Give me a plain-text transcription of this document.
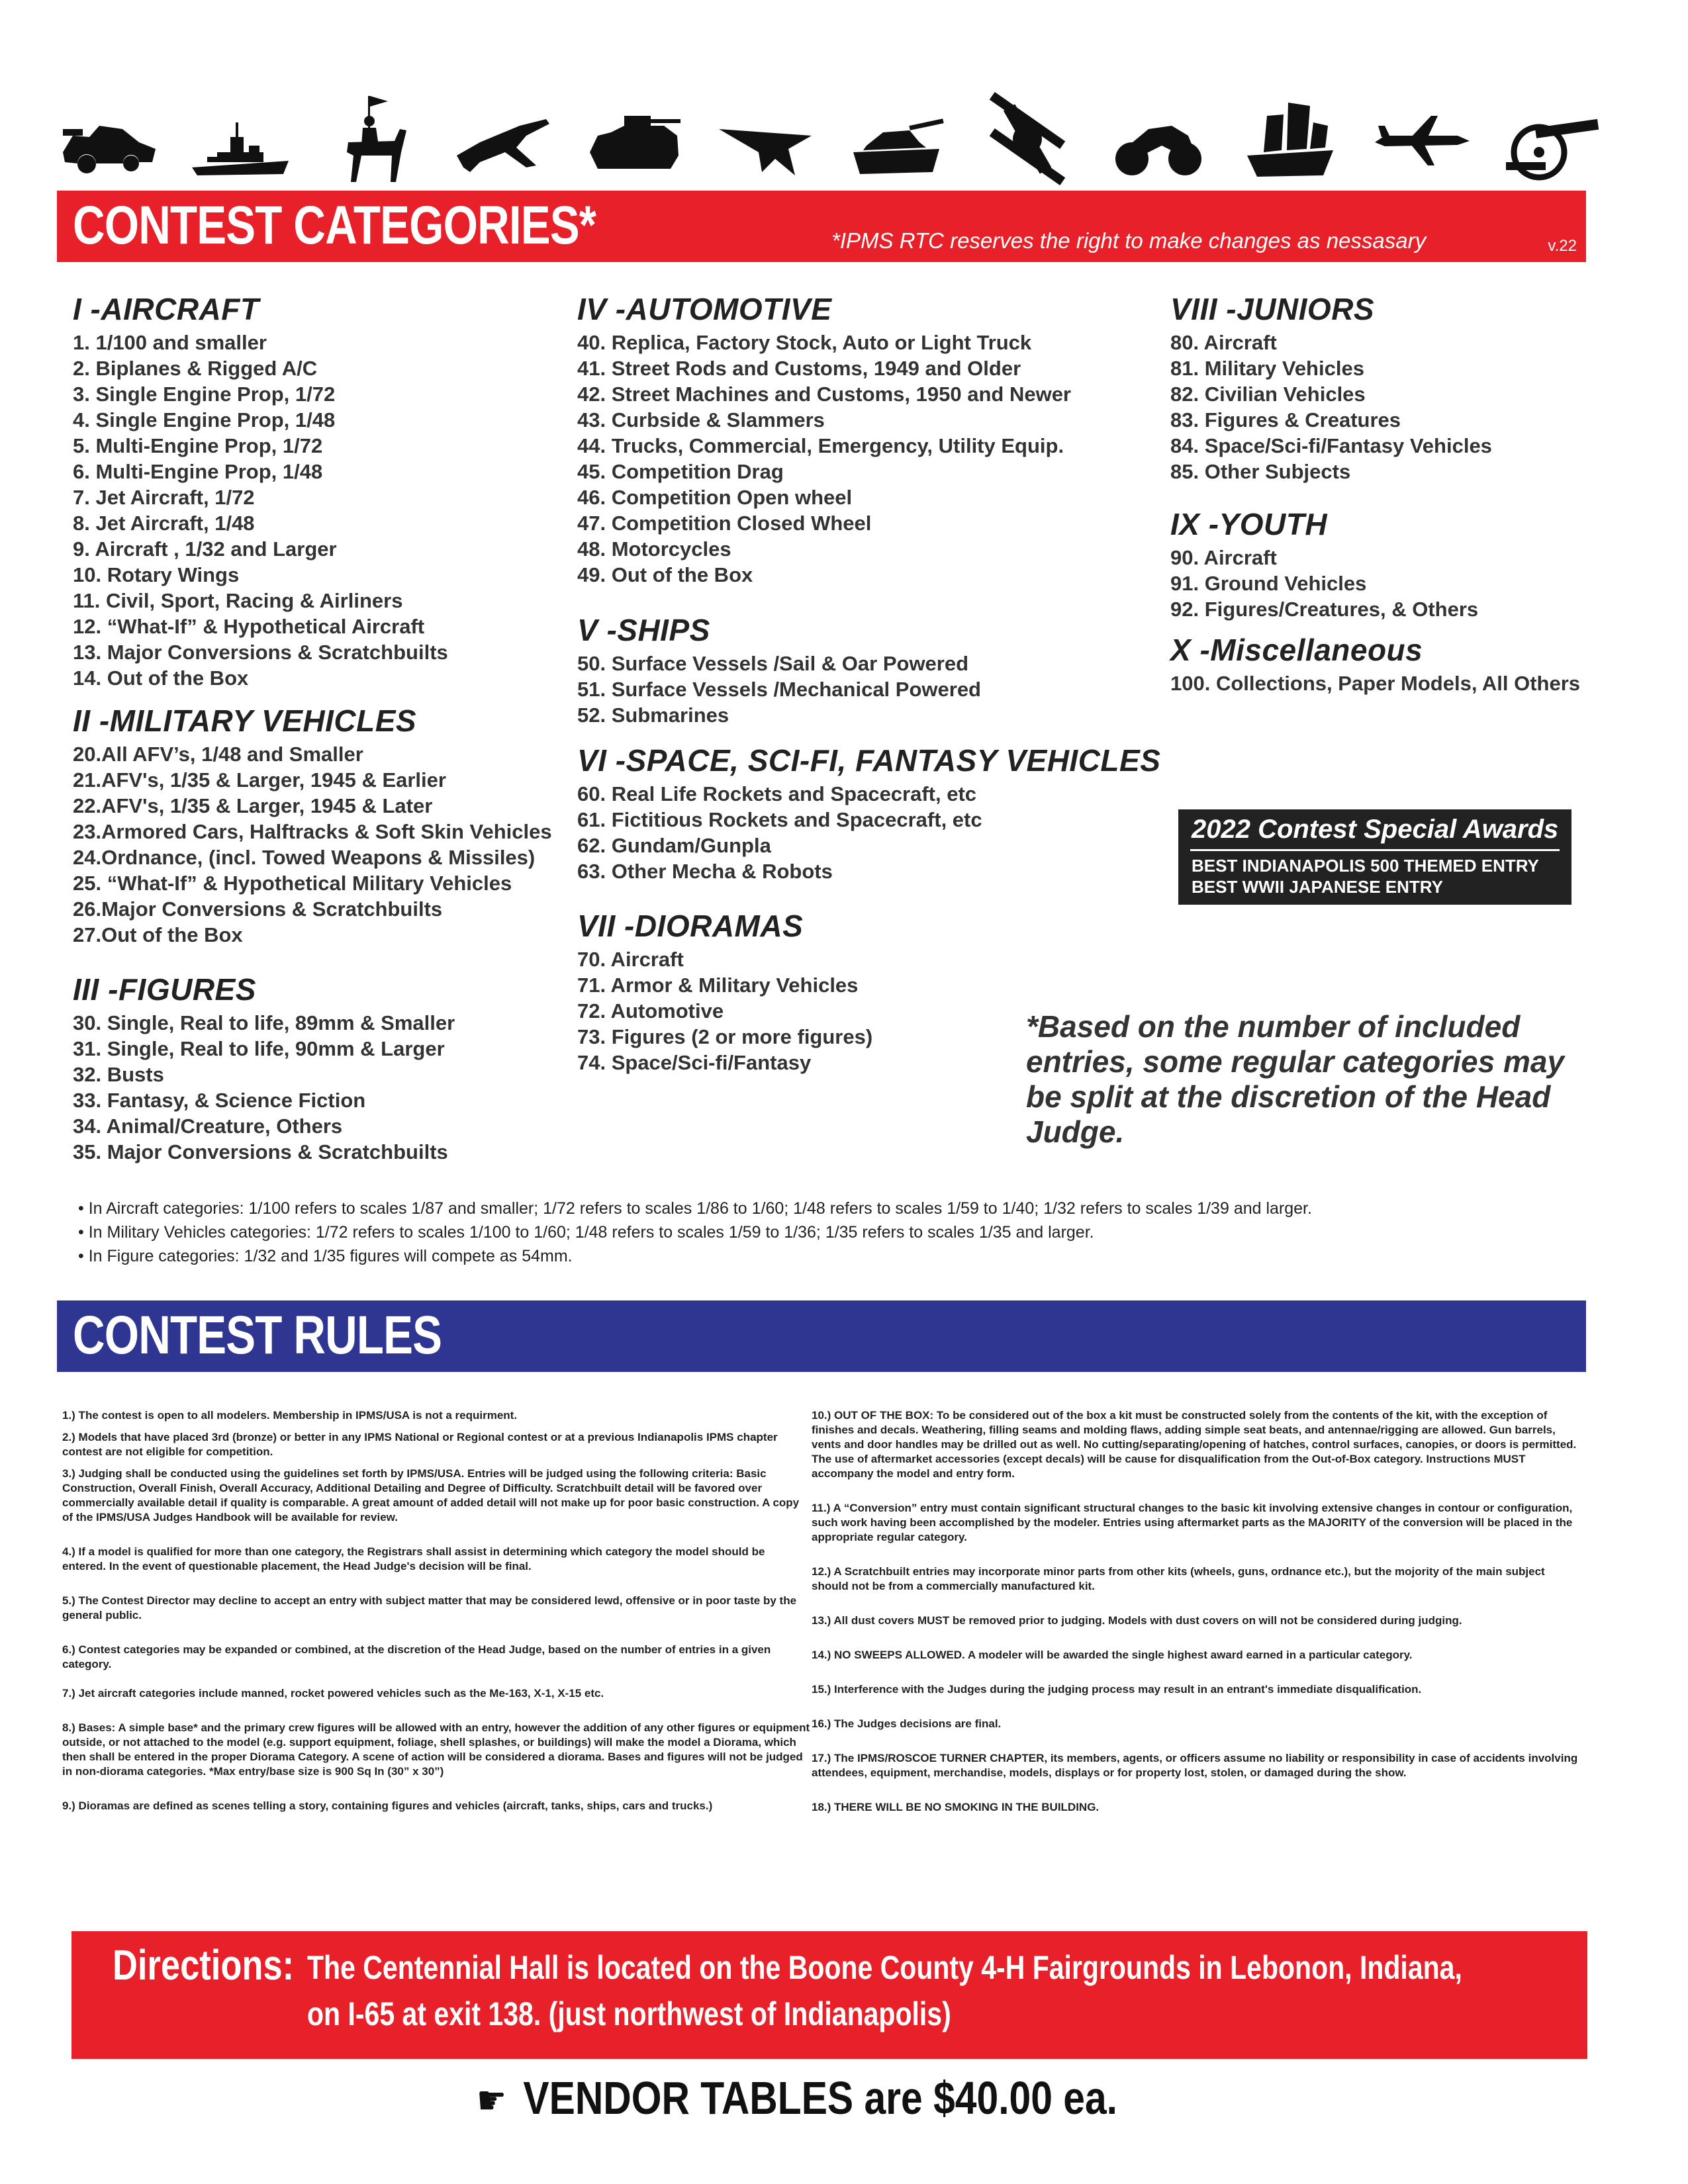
CONTEST CATEGORIES*	*IPMS RTC reserves the right to make changes as nessasary	v.22
I -AIRCRAFT
1. 1/100 and smaller
2. Biplanes & Rigged A/C
3. Single Engine Prop, 1/72
4. Single Engine Prop, 1/48
5. Multi-Engine Prop, 1/72
6. Multi-Engine Prop, 1/48
7. Jet Aircraft, 1/72
8. Jet Aircraft, 1/48
9. Aircraft , 1/32 and Larger
10. Rotary Wings
11. Civil, Sport, Racing & Airliners
12. “What-If” & Hypothetical Aircraft
13. Major Conversions & Scratchbuilts
14. Out of the Box
II -MILITARY VEHICLES
20.All AFV’s, 1/48 and Smaller
21.AFV's, 1/35 & Larger, 1945 & Earlier
22.AFV's, 1/35 & Larger, 1945 & Later
23.Armored Cars, Halftracks & Soft Skin Vehicles
24.Ordnance, (incl. Towed Weapons & Missiles)
25. “What-If” & Hypothetical Military Vehicles
26.Major Conversions & Scratchbuilts
27.Out of the Box
III -FIGURES
30. Single, Real to life, 89mm & Smaller
31. Single, Real to life, 90mm & Larger
32. Busts
33. Fantasy, & Science Fiction
34. Animal/Creature, Others
35. Major Conversions & Scratchbuilts
IV -AUTOMOTIVE
40. Replica, Factory Stock, Auto or Light Truck
41. Street Rods and Customs, 1949 and Older
42. Street Machines and Customs, 1950 and Newer
43. Curbside & Slammers
44. Trucks, Commercial, Emergency, Utility Equip.
45. Competition Drag
46. Competition Open wheel
47. Competition Closed Wheel
48. Motorcycles
49. Out of the Box
V -SHIPS
50. Surface Vessels /Sail & Oar Powered
51. Surface Vessels /Mechanical Powered
52. Submarines
VI -SPACE, SCI-FI, FANTASY VEHICLES
60. Real Life Rockets and Spacecraft, etc
61. Fictitious Rockets and Spacecraft, etc
62. Gundam/Gunpla
63. Other Mecha & Robots
VII -DIORAMAS
70. Aircraft
71. Armor & Military Vehicles
72. Automotive
73. Figures (2 or more figures)
74. Space/Sci-fi/Fantasy
VIII -JUNIORS
80. Aircraft
81. Military Vehicles
82. Civilian Vehicles
83. Figures & Creatures
84. Space/Sci-fi/Fantasy Vehicles
85. Other Subjects
IX -YOUTH
90. Aircraft
91. Ground Vehicles
92. Figures/Creatures, & Others
X -Miscellaneous
100. Collections, Paper Models, All Others
2022 Contest Special Awards
BEST INDIANAPOLIS 500 THEMED ENTRY
BEST WWII JAPANESE ENTRY
*Based on the number of included entries, some regular categories may be split at the discretion of the Head Judge.
• In Aircraft categories: 1/100 refers to scales 1/87 and smaller; 1/72 refers to scales 1/86 to 1/60; 1/48 refers to scales 1/59 to 1/40; 1/32 refers to scales 1/39 and larger.
• In Military Vehicles categories: 1/72 refers to scales 1/100 to 1/60; 1/48 refers to scales 1/59 to 1/36; 1/35 refers to scales 1/35 and larger.
• In Figure categories: 1/32 and 1/35 figures will compete as 54mm.
CONTEST RULES

1.) The contest is open to all modelers. Membership in IPMS/USA is not a requirment.

2.) Models that have placed 3rd (bronze) or better in any IPMS National or Regional contest or at a previous Indianapolis IPMS chapter contest are not eligible for competition.

3.) Judging shall be conducted using the guidelines set forth by IPMS/USA. Entries will be judged using the following criteria: Basic Construction, Overall Finish, Overall Accuracy, Additional Detailing and Degree of Difficulty. Scratchbuilt detail will be favored over commercially available detail if quality is comparable. A great amount of added detail will not make up for poor basic construction. A copy of the IPMS/USA Judges Handbook will be available for review.

4.) If a model is qualified for more than one category, the Registrars shall assist in determining which category the model should be entered. In the event of questionable placement, the Head Judge's decision will be final.

5.) The Contest Director may decline to accept an entry with subject matter that may be considered lewd, offensive or in poor taste by the general public.

6.) Contest categories may be expanded or combined, at the discretion of the Head Judge, based on the number of entries in a given category.

7.) Jet aircraft categories include manned, rocket powered vehicles such as the Me-163, X-1, X-15 etc.

8.) Bases: A simple base* and the primary crew figures will be allowed with an entry, however the addition of any other figures or equipment outside, or not attached to the model (e.g. support equipment, foliage, shell splashes, or buildings) will make the model a Diorama, which then shall be entered in the proper Diorama Category. A scene of action will be considered a diorama. Bases and figures will not be judged in non-diorama categories. *Max entry/base size is 900 Sq In (30” x 30”)

9.) Dioramas are defined as scenes telling a story, containing figures and vehicles (aircraft, tanks, ships, cars and trucks.)

10.) OUT OF THE BOX: To be considered out of the box a kit must be constructed solely from the contents of the kit, with the exception of finishes and decals. Weathering, filling seams and molding flaws, adding simple seat beats, and antennae/rigging are allowed. Gun barrels, vents and door handles may be drilled out as well. No cutting/separating/opening of hatches, control surfaces, canopies, or doors is permitted. The use of aftermarket accessories (except decals) will be cause for disqualification from the Out-of-Box category. Instructions MUST accompany the model and entry form.

11.) A “Conversion” entry must contain significant structural changes to the basic kit involving extensive changes in contour or configuration, such work having been accomplished by the modeler. Entries using aftermarket parts as the MAJORITY of the conversion will be placed in the appropriate regular category.

12.) A Scratchbuilt entries may incorporate minor parts from other kits (wheels, guns, ordnance etc.), but the mojority of the main subject should not be from a commercially manufactured kit.

13.) All dust covers MUST be removed prior to judging. Models with dust covers on will not be considered during judging.

14.) NO SWEEPS ALLOWED. A modeler will be awarded the single highest award earned in a particular category.

15.) Interference with the Judges during the judging process may result in an entrant's immediate disqualification.

16.) The Judges decisions are final.

17.) The IPMS/ROSCOE TURNER CHAPTER, its members, agents, or officers assume no liability or responsibility in case of accidents involving attendees, equipment, merchandise, models, displays or for property lost, stolen, or damaged during the show.

18.) THERE WILL BE NO SMOKING IN THE BUILDING.

Directions: The Centennial Hall is located on the Boone County 4-H Fairgrounds in Lebonon, Indiana,
on I-65 at exit 138. (just northwest of Indianapolis)
☛ VENDOR TABLES are $40.00 ea.
